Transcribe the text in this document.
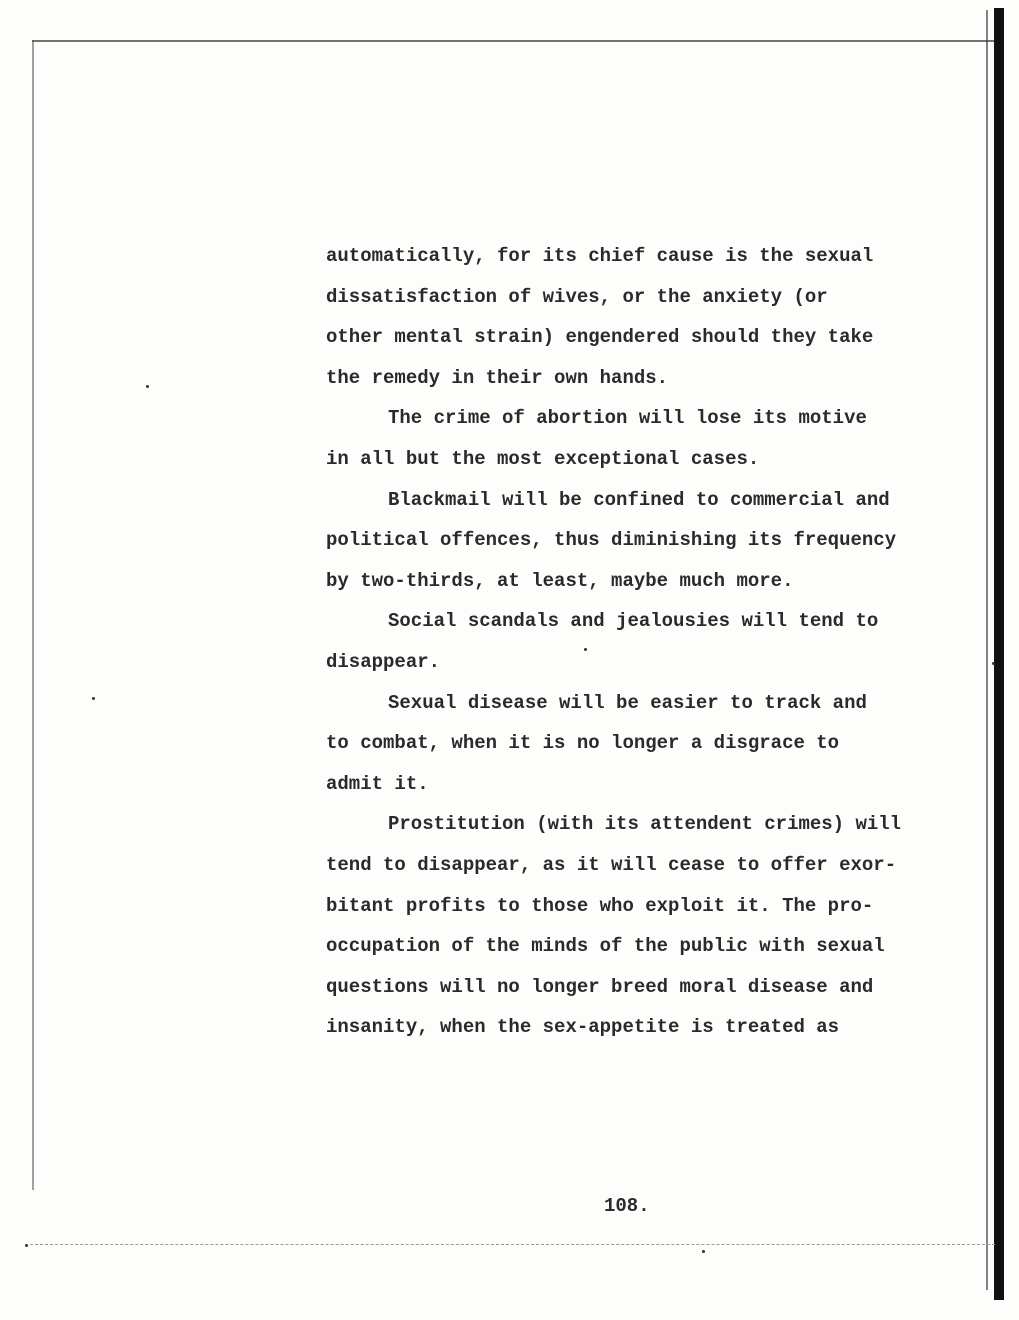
automatically, for its chief cause is the sexual

dissatisfaction of wives, or the anxiety (or

other mental strain) engendered should they take

the remedy in their own hands.

The crime of abortion will lose its motive

in all but the most exceptional cases.

Blackmail will be confined to commercial and

political offences, thus diminishing its frequency

by two-thirds, at least, maybe much more.

Social scandals and jealousies will tend to

disappear.

Sexual disease will be easier to track and

to combat, when it is no longer a disgrace to

admit it.

Prostitution (with its attendent crimes) will

tend to disappear, as it will cease to offer exor-

bitant profits to those who exploit it. The pro-

occupation of the minds of the public with sexual

questions will no longer breed moral disease and

insanity, when the sex-appetite is treated as

108.
